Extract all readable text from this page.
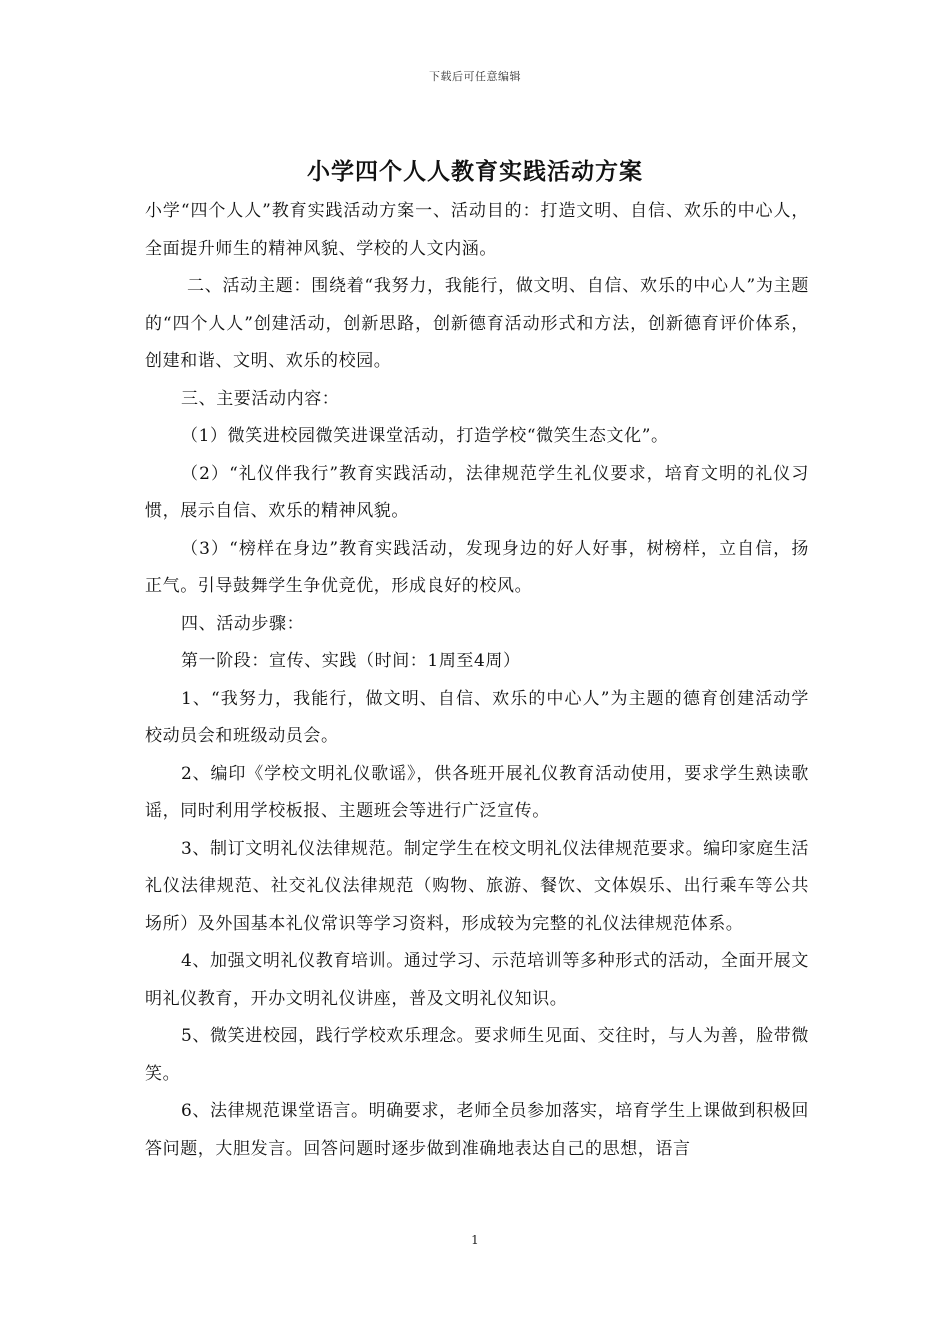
下载后可任意编辑
小学四个人人教育实践活动方案

小学“四个人人”教育实践活动方案一、活动目的：打造文明、自信、欢乐的中心人，全面提升师生的精神风貌、学校的人文内涵。

二、活动主题：围绕着“我努力，我能行，做文明、自信、欢乐的中心人”为主题的“四个人人”创建活动，创新思路，创新德育活动形式和方法，创新德育评价体系，创建和谐、文明、欢乐的校园。

三、主要活动内容：

（1）微笑进校园微笑进课堂活动，打造学校“微笑生态文化”。

（2）“礼仪伴我行”教育实践活动，法律规范学生礼仪要求，培育文明的礼仪习惯，展示自信、欢乐的精神风貌。

（3）“榜样在身边”教育实践活动，发现身边的好人好事，树榜样，立自信，扬正气。引导鼓舞学生争优竞优，形成良好的校风。

四、活动步骤：

第一阶段：宣传、实践（时间：1周至4周）

1、“我努力，我能行，做文明、自信、欢乐的中心人”为主题的德育创建活动学校动员会和班级动员会。

2、编印《学校文明礼仪歌谣》，供各班开展礼仪教育活动使用，要求学生熟读歌谣，同时利用学校板报、主题班会等进行广泛宣传。

3、制订文明礼仪法律规范。制定学生在校文明礼仪法律规范要求。编印家庭生活礼仪法律规范、社交礼仪法律规范（购物、旅游、餐饮、文体娱乐、出行乘车等公共场所）及外国基本礼仪常识等学习资料，形成较为完整的礼仪法律规范体系。

4、加强文明礼仪教育培训。通过学习、示范培训等多种形式的活动，全面开展文明礼仪教育，开办文明礼仪讲座，普及文明礼仪知识。

5、微笑进校园，践行学校欢乐理念。要求师生见面、交往时，与人为善，脸带微笑。

6、法律规范课堂语言。明确要求，老师全员参加落实，培育学生上课做到积极回答问题，大胆发言。回答问题时逐步做到准确地表达自己的思想，语言

1
